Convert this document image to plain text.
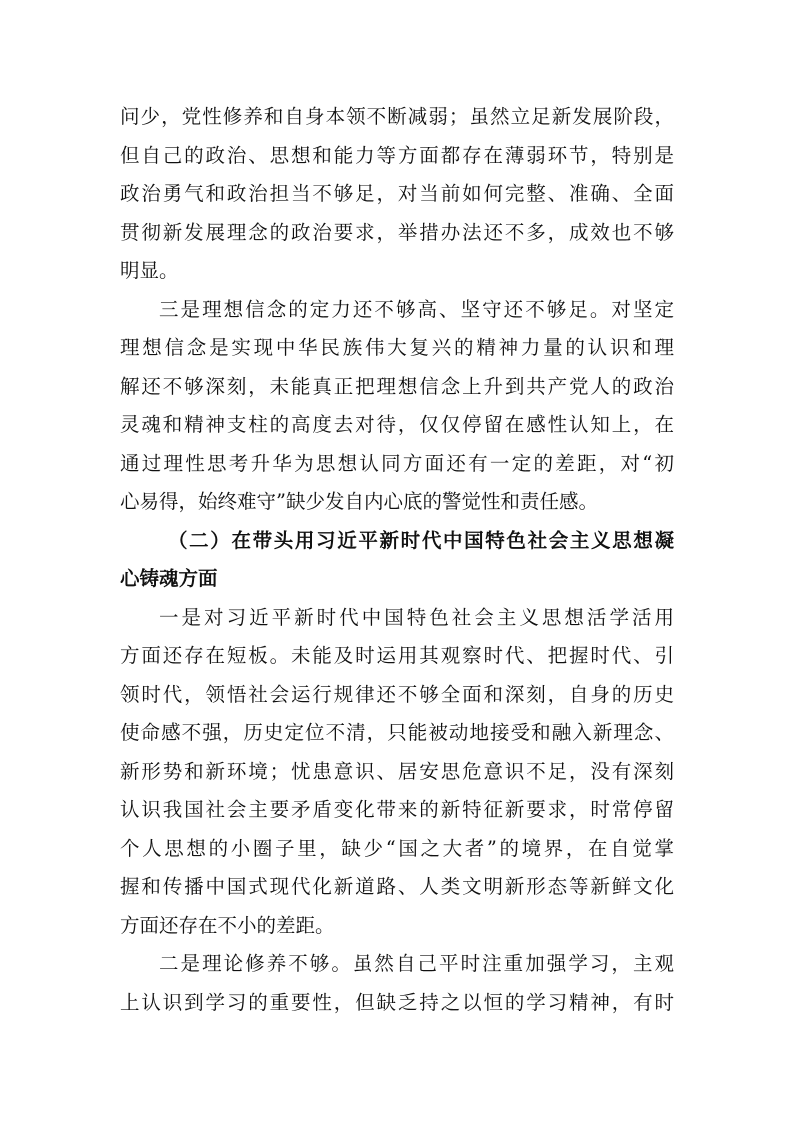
问少，党性修养和自身本领不断减弱；虽然立足新发展阶段，
但自己的政治、思想和能力等方面都存在薄弱环节，特别是
政治勇气和政治担当不够足，对当前如何完整、准确、全面
贯彻新发展理念的政治要求，举措办法还不多，成效也不够
明显。
三是理想信念的定力还不够高、坚守还不够足。对坚定
理想信念是实现中华民族伟大复兴的精神力量的认识和理
解还不够深刻，未能真正把理想信念上升到共产党人的政治
灵魂和精神支柱的高度去对待，仅仅停留在感性认知上，在
通过理性思考升华为思想认同方面还有一定的差距，对“初
心易得，始终难守”缺少发自内心底的警觉性和责任感。
（二）在带头用习近平新时代中国特色社会主义思想凝
心铸魂方面
一是对习近平新时代中国特色社会主义思想活学活用
方面还存在短板。未能及时运用其观察时代、把握时代、引
领时代，领悟社会运行规律还不够全面和深刻，自身的历史
使命感不强，历史定位不清，只能被动地接受和融入新理念、
新形势和新环境；忧患意识、居安思危意识不足，没有深刻
认识我国社会主要矛盾变化带来的新特征新要求，时常停留
个人思想的小圈子里，缺少“国之大者”的境界，在自觉掌
握和传播中国式现代化新道路、人类文明新形态等新鲜文化
方面还存在不小的差距。
二是理论修养不够。虽然自己平时注重加强学习，主观
上认识到学习的重要性，但缺乏持之以恒的学习精神，有时
